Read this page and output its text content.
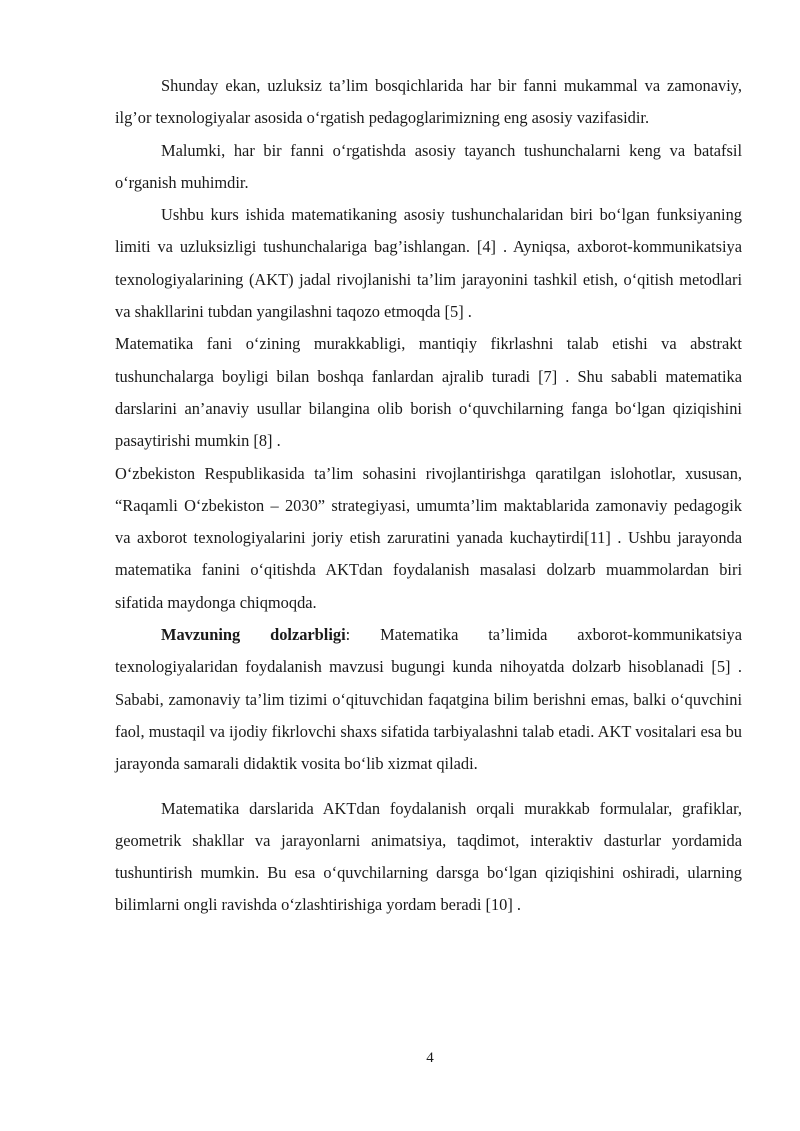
Shunday ekan, uzluksiz ta’lim bosqichlarida har bir fanni mukammal va zamonaviy, ilg’or texnologiyalar asosida o‘rgatish pedagoglarimizning eng asosiy vazifasidir.

Malumki, har bir fanni o‘rgatishda asosiy tayanch tushunchalarni keng va batafsil o‘rganish muhimdir.

Ushbu kurs ishida matematikaning asosiy tushunchalaridan biri bo‘lgan funksiyaning limiti va uzluksizligi tushunchalariga bag’ishlangan. [4] . Ayniqsa, axborot-kommunikatsiya texnologiyalarining (AKT) jadal rivojlanishi ta’lim jarayonini tashkil etish, o‘qitish metodlari va shakllarini tubdan yangilashni taqozo etmoqda [5] .

Matematika fani o‘zining murakkabligi, mantiqiy fikrlashni talab etishi va abstrakt tushunchalarga boyligi bilan boshqa fanlardan ajralib turadi [7] . Shu sababli matematika darslarini an’anaviy usullar bilangina olib borish o‘quvchilarning fanga bo‘lgan qiziqishini pasaytirishi mumkin [8] .

O‘zbekiston Respublikasida ta’lim sohasini rivojlantirishga qaratilgan islohotlar, xususan, “Raqamli O‘zbekiston – 2030” strategiyasi, umumta’lim maktablarida zamonaviy pedagogik va axborot texnologiyalarini joriy etish zaruratini yanada kuchaytirdi[11] . Ushbu jarayonda matematika fanini o‘qitishda AKTdan foydalanish masalasi dolzarb muammolardan biri sifatida maydonga chiqmoqda.

Mavzuning dolzarbligi: Matematika ta’limida axborot-kommunikatsiya texnologiyalaridan foydalanish mavzusi bugungi kunda nihoyatda dolzarb hisoblanadi [5] . Sababi, zamonaviy ta’lim tizimi o‘qituvchidan faqatgina bilim berishni emas, balki o‘quvchini faol, mustaqil va ijodiy fikrlovchi shaxs sifatida tarbiyalashni talab etadi. AKT vositalari esa bu jarayonda samarali didaktik vosita bo‘lib xizmat qiladi.

Matematika darslarida AKTdan foydalanish orqali murakkab formulalar, grafiklar, geometrik shakllar va jarayonlarni animatsiya, taqdimot, interaktiv dasturlar yordamida tushuntirish mumkin. Bu esa o‘quvchilarning darsga bo‘lgan qiziqishini oshiradi, ularning bilimlarni ongli ravishda o‘zlashtirishiga yordam beradi [10] .

4
